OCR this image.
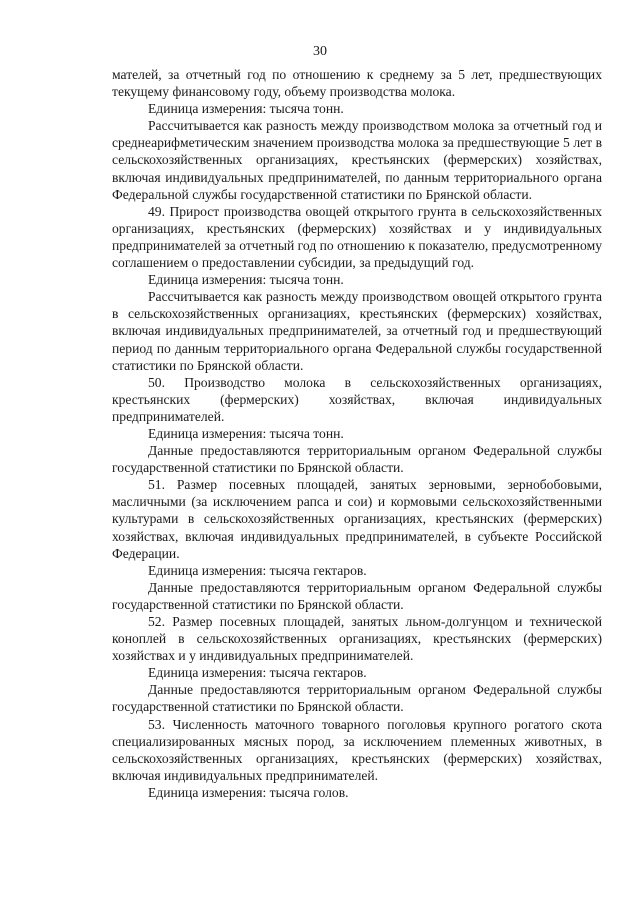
30

мателей, за отчетный год по отношению к среднему за 5 лет, предшествующих текущему финансовому году, объему производства молока.

Единица измерения: тысяча тонн.

Рассчитывается как разность между производством молока за отчетный год и среднеарифметическим значением производства молока за предшествующие 5 лет в сельскохозяйственных организациях, крестьянских (фермерских) хозяйствах, включая индивидуальных предпринимателей, по данным территориального органа Федеральной службы государственной статистики по Брянской области.

49. Прирост производства овощей открытого грунта в сельскохозяйственных организациях, крестьянских (фермерских) хозяйствах и у индивидуальных предпринимателей за отчетный год по отношению к показателю, предусмотренному соглашением о предоставлении субсидии, за предыдущий год.

Единица измерения: тысяча тонн.

Рассчитывается как разность между производством овощей открытого грунта в сельскохозяйственных организациях, крестьянских (фермерских) хозяйствах, включая индивидуальных предпринимателей, за отчетный год и предшествующий период по данным территориального органа Федеральной службы государственной статистики по Брянской области.

50. Производство молока в сельскохозяйственных организациях, крестьянских (фермерских) хозяйствах, включая индивидуальных предпринимателей.

Единица измерения: тысяча тонн.

Данные предоставляются территориальным органом Федеральной службы государственной статистики по Брянской области.

51. Размер посевных площадей, занятых зерновыми, зернобобовыми, масличными (за исключением рапса и сои) и кормовыми сельскохозяйственными культурами в сельскохозяйственных организациях, крестьянских (фермерских) хозяйствах, включая индивидуальных предпринимателей, в субъекте Российской Федерации.

Единица измерения: тысяча гектаров.

Данные предоставляются территориальным органом Федеральной службы государственной статистики по Брянской области.

52. Размер посевных площадей, занятых льном-долгунцом и технической коноплей в сельскохозяйственных организациях, крестьянских (фермерских) хозяйствах и у индивидуальных предпринимателей.

Единица измерения: тысяча гектаров.

Данные предоставляются территориальным органом Федеральной службы государственной статистики по Брянской области.

53. Численность маточного товарного поголовья крупного рогатого скота специализированных мясных пород, за исключением племенных животных, в сельскохозяйственных организациях, крестьянских (фермерских) хозяйствах, включая индивидуальных предпринимателей.

Единица измерения: тысяча голов.
